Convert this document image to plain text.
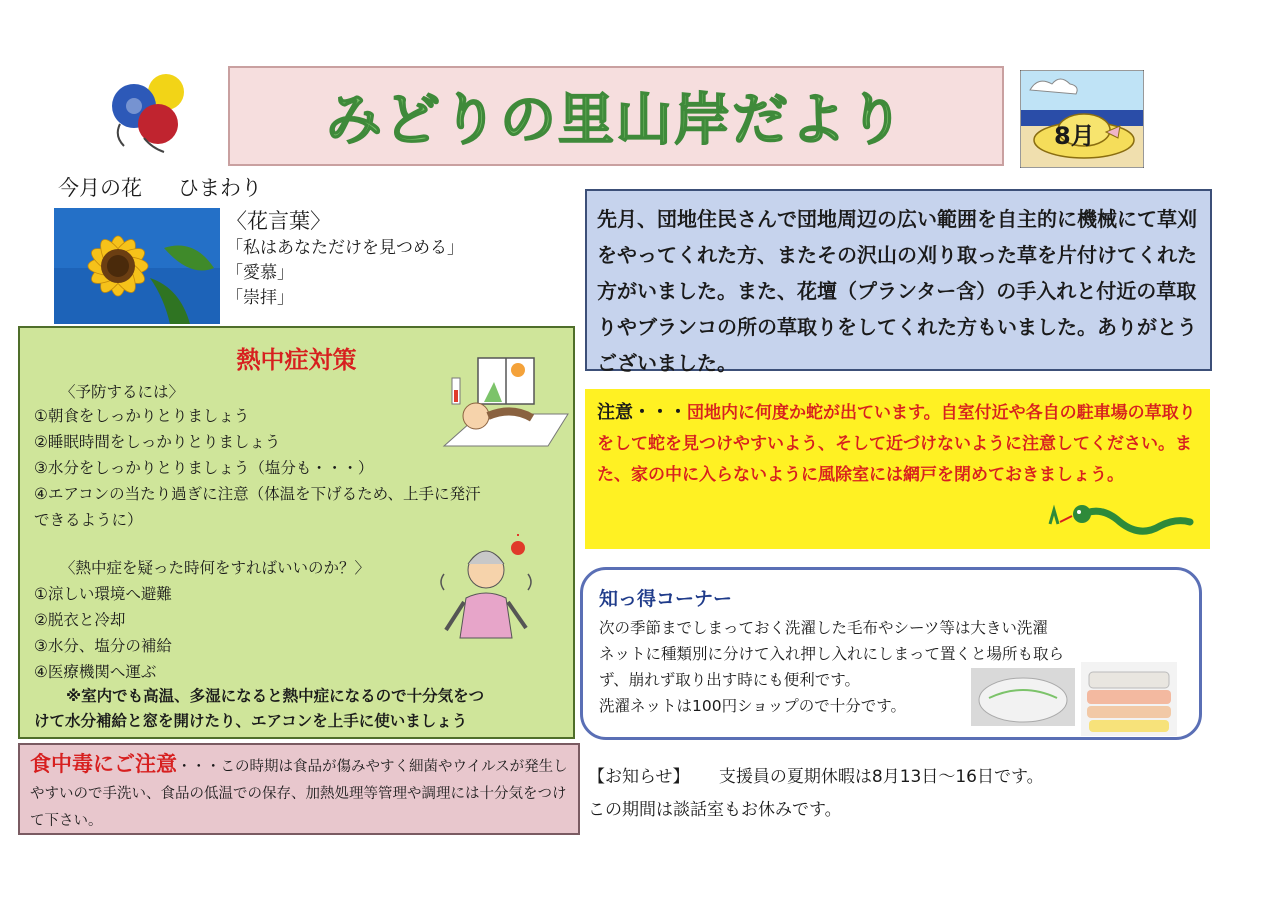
みどりの里山岸だより	8月
今月の花 ひまわり
〈花言葉〉
「私はあなただけを見つめる」
「愛慕」
「崇拝」
熱中症対策
〈予防するには〉
①朝食をしっかりとりましょう
②睡眠時間をしっかりとりましょう
③水分をしっかりとりましょう（塩分も・・・）
④エアコンの当たり過ぎに注意（体温を下げるため、上手に発汗
できるように）
〈熱中症を疑った時何をすればいいのか？〉
①涼しい環境へ避難
②脱衣と冷却
③水分、塩分の補給
④医療機関へ運ぶ
※室内でも高温、多湿になると熱中症になるので十分気をつ
けて水分補給と窓を開けたり、エアコンを上手に使いましょう
食中毒にご注意・・・この時期は食品が傷みやすく細菌やウイルスが発生しやすいので手洗い、食品の低温での保存、加熱処理等管理や調理には十分気をつけて下さい。
先月、団地住民さんで団地周辺の広い範囲を自主的に機械にて草刈をやってくれた方、またその沢山の刈り取った草を片付けてくれた方がいました。また、花壇（プランター含）の手入れと付近の草取りやブランコの所の草取りをしてくれた方もいました。ありがとうございました。
注意・・・団地内に何度か蛇が出ています。自室付近や各自の駐車場の草取りをして蛇を見つけやすいよう、そして近づけないように注意してください。また、家の中に入らないように風除室には網戸を閉めておきましょう。
知っ得コーナー
次の季節までしまっておく洗濯した毛布やシーツ等は大きい洗濯
ネットに種類別に分けて入れ押し入れにしまって置くと場所も取ら
ず、崩れず取り出す時にも便利です。
洗濯ネットは100円ショップので十分です。
【お知らせ】 支援員の夏期休暇は8月13日～16日です。
この期間は談話室もお休みです。
